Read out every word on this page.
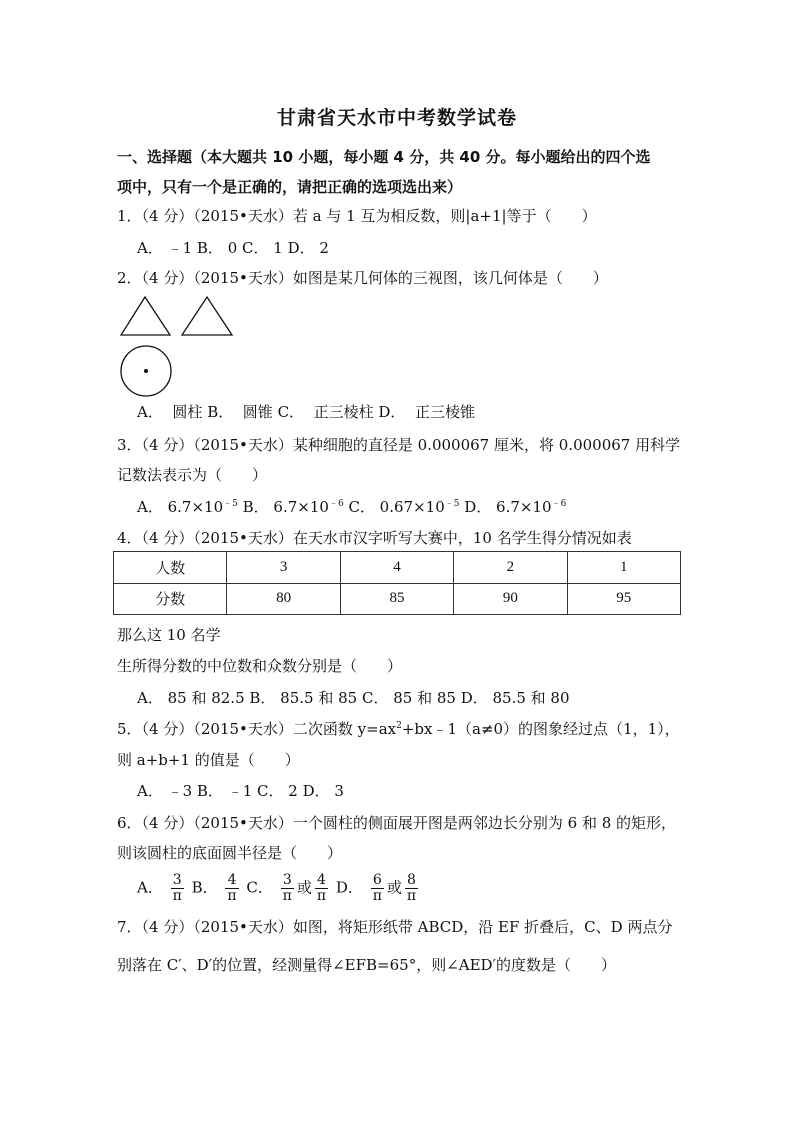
甘肃省天水市中考数学试卷
一、选择题（本大题共 10 小题，每小题 4 分，共 40 分。每小题给出的四个选
项中，只有一个是正确的，请把正确的选项选出来）
1．（4 分）（2015•天水）若 a 与 1 互为相反数，则|a+1|等于（　　）
A． ﹣1 B． 0 C． 1 D． 2
2．（4 分）（2015•天水）如图是某几何体的三视图，该几何体是（　　）
A． 圆柱 B． 圆锥 C． 正三棱柱 D． 正三棱锥
3．（4 分）（2015•天水）某种细胞的直径是 0.000067 厘米，将 0.000067 用科学
记数法表示为（　　）
A． $6.7\times 10^{﹣5}$ B． $6.7\times 10^{﹣6}$ C． $0.67\times 10^{﹣5}$ D． $6.7\times 10^{﹣6}$
4．（4 分）（2015•天水）在天水市汉字听写大赛中，10 名学生得分情况如表
人数	3	4	2	1
分数	80	85	90	95
那么这 10 名学
生所得分数的中位数和众数分别是（　　）
A． 85 和 82.5 B． 85.5 和 85 C． 85 和 85 D． 85.5 和 80
5．（4 分）（2015•天水）二次函数 $y=ax^2+bx﹣1(a\ne 0)$的图象经过点（1，1），
则 a+b+1 的值是（　　）
A． ﹣3 B． ﹣1 C． 2 D． 3
6．（4 分）（2015•天水）一个圆柱的侧面展开图是两邻边长分别为 6 和 8 的矩形，
则该圆柱的底面圆半径是（　　）
A． $\frac{3}{\pi}$ B． $\frac{4}{\pi}$ C． $\frac{3}{\pi}$ 或 $\frac{4}{\pi}$ D． $\frac{6}{\pi}$ 或 $\frac{8}{\pi}$
7．（4 分）（2015•天水）如图，将矩形纸带 ABCD，沿 EF 折叠后，C、D 两点分
别落在 C′、D′的位置，经测量得∠EFB=65°，则∠AED′的度数是（　　）
